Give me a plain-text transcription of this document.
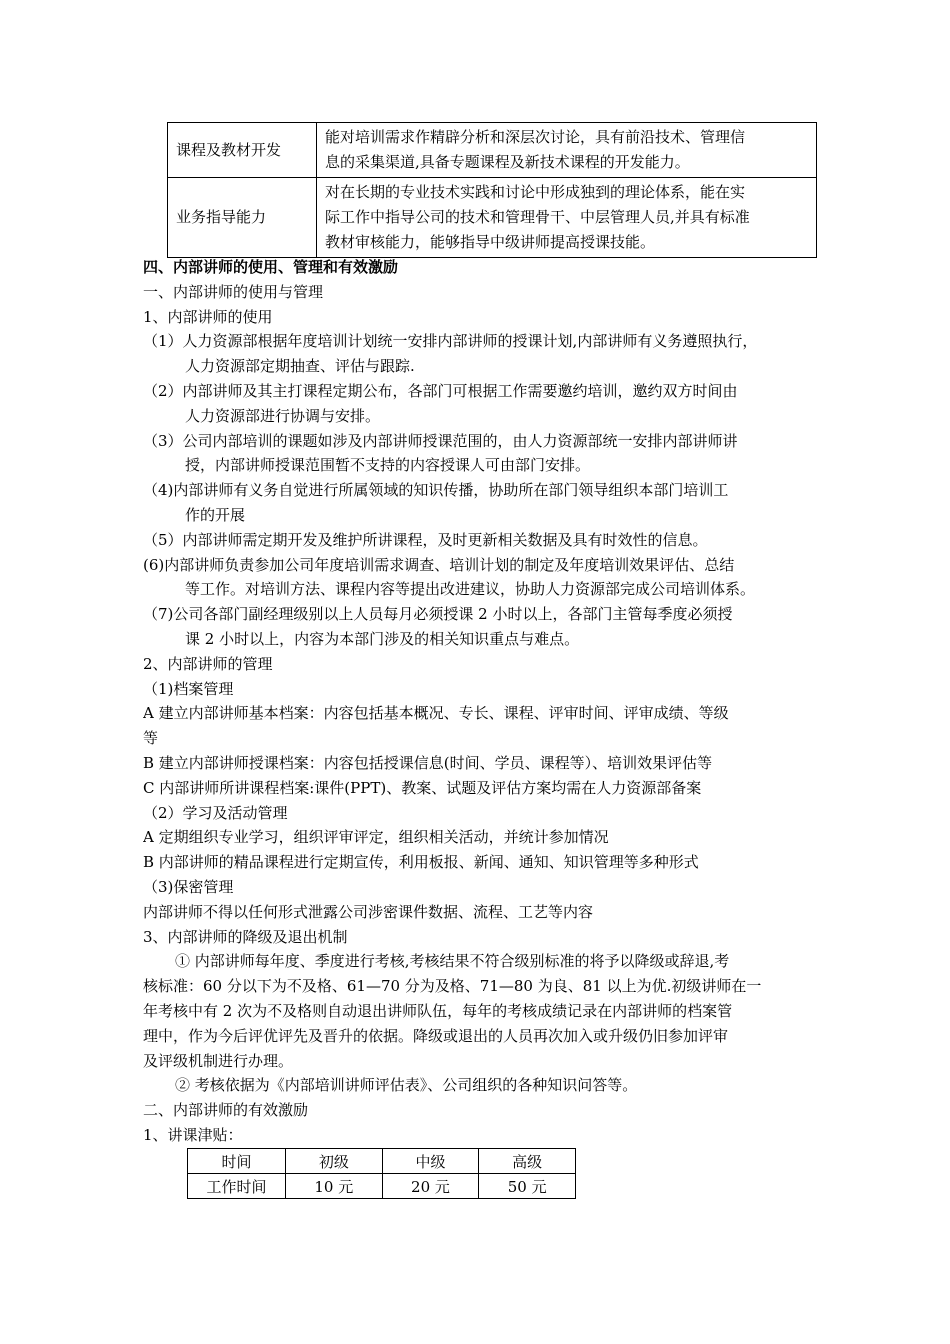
课程及教材开发	能对培训需求作精辟分析和深层次讨论，具有前沿技术、管理信
息的采集渠道,具备专题课程及新技术课程的开发能力。

业务指导能力	对在长期的专业技术实践和讨论中形成独到的理论体系，能在实
际工作中指导公司的技术和管理骨干、中层管理人员,并具有标准
教材审核能力，能够指导中级讲师提高授课技能。
四、内部讲师的使用、管理和有效激励
一、内部讲师的使用与管理
1、内部讲师的使用
（1）人力资源部根据年度培训计划统一安排内部讲师的授课计划,内部讲师有义务遵照执行，
人力资源部定期抽查、评估与跟踪.
（2）内部讲师及其主打课程定期公布，各部门可根据工作需要邀约培训，邀约双方时间由
人力资源部进行协调与安排。
（3）公司内部培训的课题如涉及内部讲师授课范围的，由人力资源部统一安排内部讲师讲
授，内部讲师授课范围暂不支持的内容授课人可由部门安排。
（4)内部讲师有义务自觉进行所属领域的知识传播，协助所在部门领导组织本部门培训工
作的开展
（5）内部讲师需定期开发及维护所讲课程，及时更新相关数据及具有时效性的信息。
(6)内部讲师负责参加公司年度培训需求调查、培训计划的制定及年度培训效果评估、总结
等工作。对培训方法、课程内容等提出改进建议，协助人力资源部完成公司培训体系。
（7)公司各部门副经理级别以上人员每月必须授课 2 小时以上，各部门主管每季度必须授
课 2 小时以上，内容为本部门涉及的相关知识重点与难点。
2、内部讲师的管理
（1)档案管理
A 建立内部讲师基本档案：内容包括基本概况、专长、课程、评审时间、评审成绩、等级
等
B 建立内部讲师授课档案：内容包括授课信息(时间、学员、课程等）、培训效果评估等
C 内部讲师所讲课程档案:课件(PPT)、教案、试题及评估方案均需在人力资源部备案
（2）学习及活动管理
A 定期组织专业学习，组织评审评定，组织相关活动，并统计参加情况
B 内部讲师的精品课程进行定期宣传，利用板报、新闻、通知、知识管理等多种形式
（3)保密管理
内部讲师不得以任何形式泄露公司涉密课件数据、流程、工艺等内容
3、内部讲师的降级及退出机制
① 内部讲师每年度、季度进行考核,考核结果不符合级别标准的将予以降级或辞退,考
核标准：60 分以下为不及格、61—70 分为及格、71—80 为良、81 以上为优.初级讲师在一
年考核中有 2 次为不及格则自动退出讲师队伍，每年的考核成绩记录在内部讲师的档案管
理中，作为今后评优评先及晋升的依据。降级或退出的人员再次加入或升级仍旧参加评审
及评级机制进行办理。
② 考核依据为《内部培训讲师评估表》、公司组织的各种知识问答等。
二、内部讲师的有效激励
1、讲课津贴：
时间	初级	中级	高级
工作时间	10 元	20 元	50 元
